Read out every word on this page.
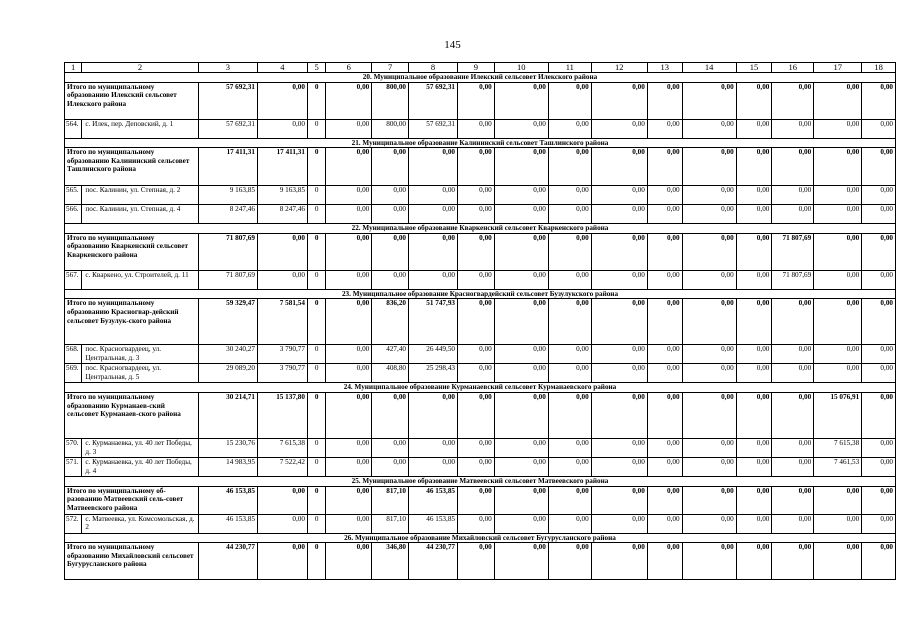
145
1	2	3	4	5	6	7	8	9	10	11	12	13	14	15	16	17	18
20. Муниципальное образование Илекский сельсовет Илекского района																	
Итого по муниципальному образованию Илекский сельсовет Илекского района		57 692,31	0,00	0	0,00	800,00	57 692,31	0,00	0,00	0,00	0,00	0,00	0,00	0,00	0,00	0,00	0,00
564.	с. Илек, пер. Деповский, д. 1	57 692,31	0,00	0	0,00	800,00	57 692,31	0,00	0,00	0,00	0,00	0,00	0,00	0,00	0,00	0,00	0,00
21. Муниципальное образование Калининский сельсовет Ташлинского района																	
Итого по муниципальному образованию Калининский сельсовет Ташлинского района		17 411,31	17 411,31	0	0,00	0,00	0,00	0,00	0,00	0,00	0,00	0,00	0,00	0,00	0,00	0,00	0,00
565.	пос. Калинин, ул. Степная, д. 2	9 163,85	9 163,85	0	0,00	0,00	0,00	0,00	0,00	0,00	0,00	0,00	0,00	0,00	0,00	0,00	0,00
566.	пос. Калинин, ул. Степная, д. 4	8 247,46	8 247,46	0	0,00	0,00	0,00	0,00	0,00	0,00	0,00	0,00	0,00	0,00	0,00	0,00	0,00
22. Муниципальное образование Кваркенский сельсовет Кваркенского района																	
Итого по муниципальному образованию Кваркенский сельсовет Кваркенского района		71 807,69	0,00	0	0,00	0,00	0,00	0,00	0,00	0,00	0,00	0,00	0,00	0,00	71 807,69	0,00	0,00
567.	с. Кваркено, ул. Строителей, д. 11	71 807,69	0,00	0	0,00	0,00	0,00	0,00	0,00	0,00	0,00	0,00	0,00	0,00	71 807,69	0,00	0,00
23. Муниципальное образование Красногвардейский сельсовет Бузулукского района																	
Итого по муниципальному образованию Красногвар-дейский сельсовет Бузулук-ского района		59 329,47	7 581,54	0	0,00	836,20	51 747,93	0,00	0,00	0,00	0,00	0,00	0,00	0,00	0,00	0,00	0,00
568.	пос. Красногвардеец, ул. Центральная, д. 3	30 240,27	3 790,77	0	0,00	427,40	26 449,50	0,00	0,00	0,00	0,00	0,00	0,00	0,00	0,00	0,00	0,00
569.	пос. Красногвардеец, ул. Центральная, д. 5	29 089,20	3 790,77	0	0,00	408,80	25 298,43	0,00	0,00	0,00	0,00	0,00	0,00	0,00	0,00	0,00	0,00
24. Муниципальное образование Курманаевский сельсовет Курманаевского района																	
Итого по муниципальному образованию Курманаев-ский сельсовет Курманаев-ского района		30 214,71	15 137,80	0	0,00	0,00	0,00	0,00	0,00	0,00	0,00	0,00	0,00	0,00	0,00	15 076,91	0,00
570.	с. Курманаевка, ул. 40 лет Победы, д. 3	15 230,76	7 615,38	0	0,00	0,00	0,00	0,00	0,00	0,00	0,00	0,00	0,00	0,00	0,00	7 615,38	0,00
571.	с. Курманаевка, ул. 40 лет Победы, д. 4	14 983,95	7 522,42	0	0,00	0,00	0,00	0,00	0,00	0,00	0,00	0,00	0,00	0,00	0,00	7 461,53	0,00
25. Муниципальное образование Матвеевский сельсовет Матвеевского района																	
Итого по муниципальному об-разованию Матвеевский сель-совет Матвеевского района		46 153,85	0,00	0	0,00	817,10	46 153,85	0,00	0,00	0,00	0,00	0,00	0,00	0,00	0,00	0,00	0,00
572.	с. Матвеевка, ул. Комсомольская, д. 2	46 153,85	0,00	0	0,00	817,10	46 153,85	0,00	0,00	0,00	0,00	0,00	0,00	0,00	0,00	0,00	0,00
26. Муниципальное образование Михайловский сельсовет Бугурусланского района																	
Итого по муниципальному образованию Михайловский сельсовет Бугурусланского района		44 230,77	0,00	0	0,00	346,80	44 230,77	0,00	0,00	0,00	0,00	0,00	0,00	0,00	0,00	0,00	0,00
